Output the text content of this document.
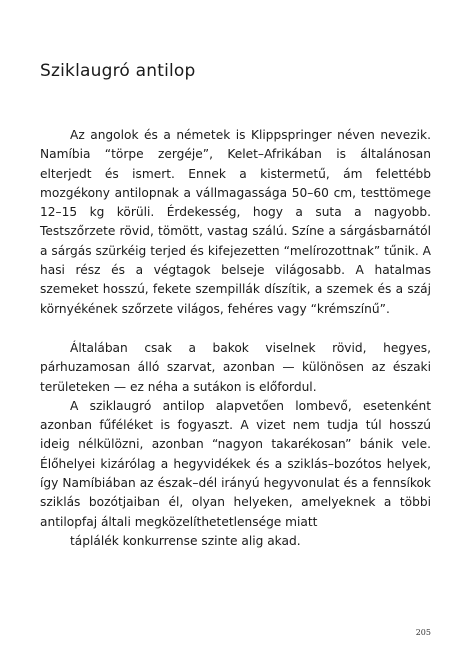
Sziklaugró antilop

Az angolok és a németek is Klippspringer néven nevezik. Namíbia “törpe zergéje”, Kelet–Afrikában is általánosan elterjedt és ismert. Ennek a kistermetű, ám felettébb mozgékony antilopnak a vállmagassága 50–60 cm, testtömege 12–15 kg körüli. Érdekesség, hogy a suta a nagyobb. Testszőrzete rövid, tömött, vastag szálú. Színe a sárgásbarnától a sárgás szürkéig terjed és kifejezetten “melírozottnak” tűnik. A hasi rész és a végtagok belseje világosabb. A hatalmas szemeket hosszú, fekete szempillák díszítik, a szemek és a száj környékének szőrzete világos, fehéres vagy “krémszínű”.

Általában csak a bakok viselnek rövid, hegyes, párhuzamosan álló szarvat, azonban — különösen az északi területeken — ez néha a sutákon is előfordul.

A sziklaugró antilop alapvetően lombevő, esetenként azonban fűféléket is fogyaszt. A vizet nem tudja túl hosszú ideig nélkülözni, azonban “nagyon takarékosan” bánik vele. Élőhelyei kizárólag a hegyvidékek és a sziklás–bozótos helyek, így Namíbiában az észak–dél irányú hegyvonulat és a fennsíkok sziklás bozótjaiban él, olyan helyeken, amelyeknek a többi antilopfaj általi megközelíthetetlensége miatt

táplálék konkurrense szinte alig akad.

205
